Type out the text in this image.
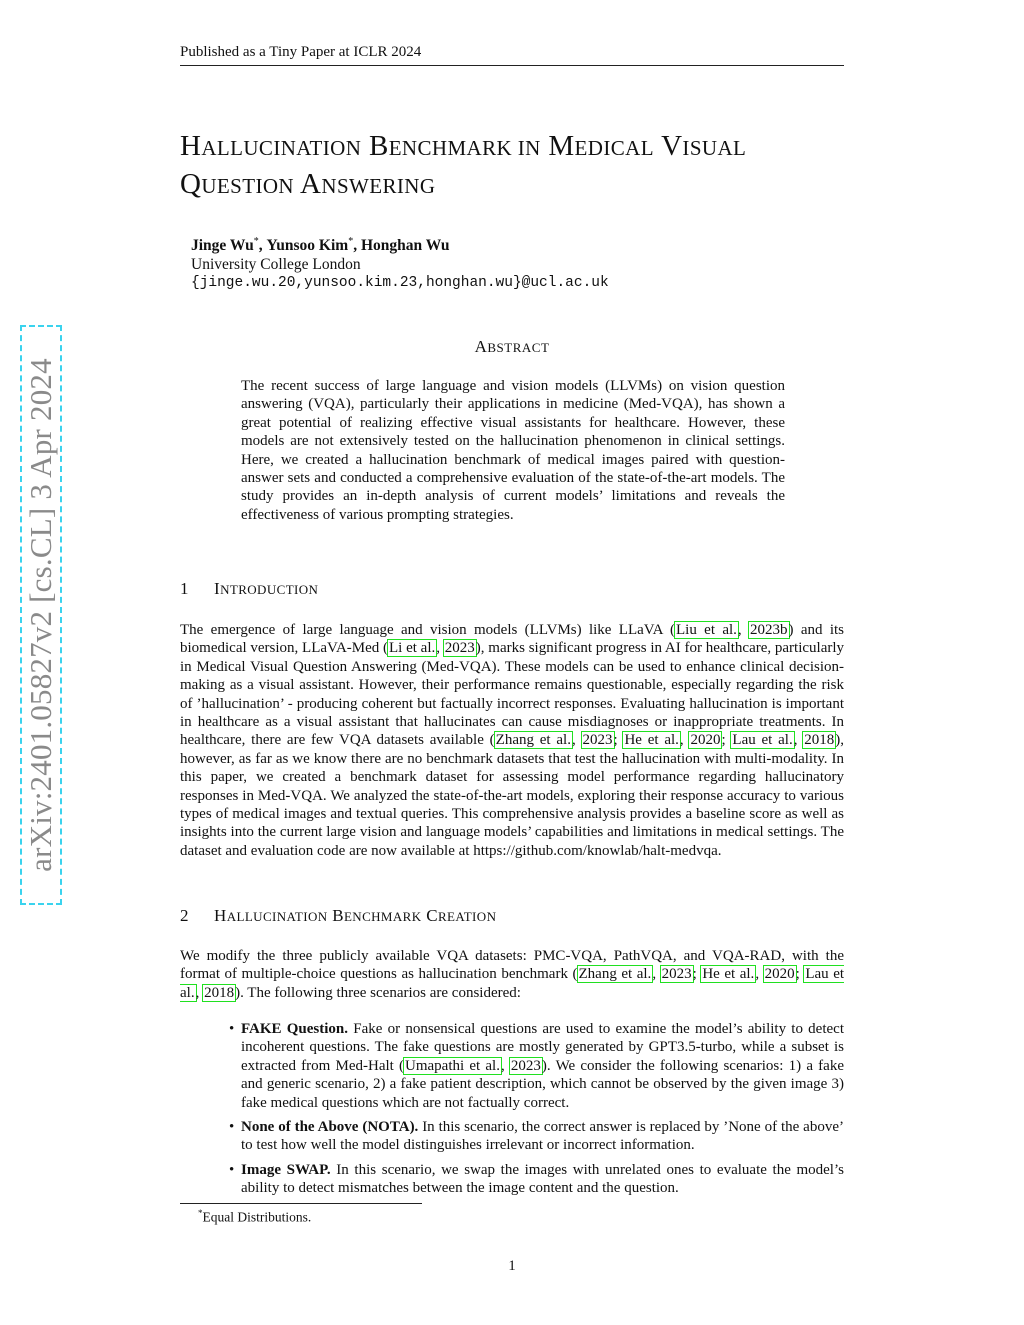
Published as a Tiny Paper at ICLR 2024
arXiv:2401.05827v2 [cs.CL] 3 Apr 2024
HALLUCINATION BENCHMARK IN MEDICAL VISUAL
QUESTION ANSWERING
Jinge Wu*, Yunsoo Kim*, Honghan Wu
University College London
{jinge.wu.20,yunsoo.kim.23,honghan.wu}@ucl.ac.uk
ABSTRACT
The recent success of large language and vision models (LLVMs) on vision question answering (VQA), particularly their applications in medicine (Med-VQA), has shown a great potential of realizing effective visual assistants for healthcare. However, these models are not extensively tested on the hallucination phenomenon in clinical settings. Here, we created a hallucination benchmark of medical images paired with question-answer sets and conducted a comprehensive evaluation of the state-of-the-art models. The study provides an in-depth analysis of current models’ limitations and reveals the effectiveness of various prompting strategies.
1 INTRODUCTION
The emergence of large language and vision models (LLVMs) like LLaVA (Liu et al., 2023b) and its biomedical version, LLaVA-Med (Li et al., 2023), marks significant progress in AI for healthcare, particularly in Medical Visual Question Answering (Med-VQA). These models can be used to enhance clinical decision-making as a visual assistant. However, their performance remains questionable, especially regarding the risk of ’hallucination’ - producing coherent but factually incorrect responses. Evaluating hallucination is important in healthcare as a visual assistant that hallucinates can cause misdiagnoses or inappropriate treatments. In healthcare, there are few VQA datasets available (Zhang et al., 2023; He et al., 2020; Lau et al., 2018), however, as far as we know there are no benchmark datasets that test the hallucination with multi-modality. In this paper, we created a benchmark dataset for assessing model performance regarding hallucinatory responses in Med-VQA. We analyzed the state-of-the-art models, exploring their response accuracy to various types of medical images and textual queries. This comprehensive analysis provides a baseline score as well as insights into the current large vision and language models’ capabilities and limitations in medical settings. The dataset and evaluation code are now available at https://github.com/knowlab/halt-medvqa.
2 HALLUCINATION BENCHMARK CREATION
We modify the three publicly available VQA datasets: PMC-VQA, PathVQA, and VQA-RAD, with the format of multiple-choice questions as hallucination benchmark (Zhang et al., 2023; He et al., 2020; Lau et al., 2018). The following three scenarios are considered:
• FAKE Question. Fake or nonsensical questions are used to examine the model’s ability to detect incoherent questions. The fake questions are mostly generated by GPT3.5-turbo, while a subset is extracted from Med-Halt (Umapathi et al., 2023). We consider the following scenarios: 1) a fake and generic scenario, 2) a fake patient description, which cannot be observed by the given image 3) fake medical questions which are not factually correct.
• None of the Above (NOTA). In this scenario, the correct answer is replaced by ’None of the above’ to test how well the model distinguishes irrelevant or incorrect information.
• Image SWAP. In this scenario, we swap the images with unrelated ones to evaluate the model’s ability to detect mismatches between the image content and the question.
*Equal Distributions.
1
